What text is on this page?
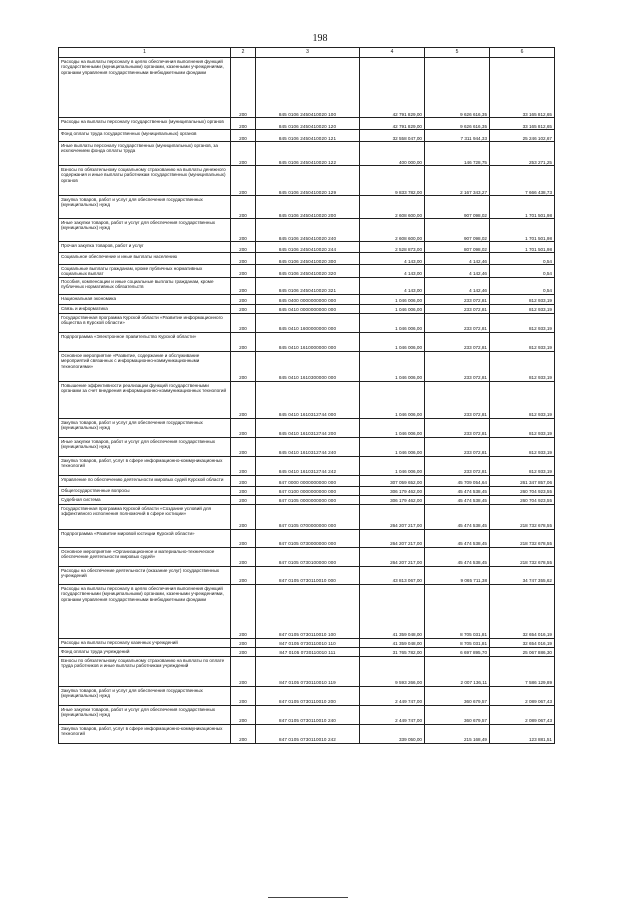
198
1	2	3	4	5	6
Расходы на выплаты персоналу в целях обеспечения выполнения функций государственными (муниципальными) органами, казенными учреждениями, органами управления государственными внебюджетными фондами	200	845 0106 2450410020 100	42 791 829,00	9 626 616,35	33 165 812,65
Расходы на выплаты персоналу государственных (муниципальных) органов	200	845 0106 2450410020 120	42 791 829,00	9 626 616,35	33 165 812,65
Фонд оплаты труда государственных (муниципальных) органов	200	845 0106 2450410020 121	32 558 047,00	7 311 944,33	25 246 102,67
Иные выплаты персоналу государственных (муниципальных) органов, за исключением фонда оплаты труда	200	845 0106 2450410020 122	400 000,00	146 728,75	253 271,25
Взносы по обязательному социальному страхованию на выплаты денежного содержания и иные выплаты работникам государственных (муниципальных) органов	200	845 0106 2450410020 129	9 833 782,00	2 167 343,27	7 666 438,73
Закупка товаров, работ и услуг для обеспечения государственных (муниципальных) нужд	200	845 0106 2450410020 200	2 608 600,00	907 098,02	1 701 501,98
Иные закупки товаров, работ и услуг для обеспечения государственных (муниципальных) нужд	200	845 0106 2450410020 240	2 608 600,00	907 098,02	1 701 501,98
Прочая закупка товаров, работ и услуг	200	845 0106 2450410020 244	2 528 873,00	807 098,02	1 701 501,98
Социальное обеспечение и иные выплаты населению	200	845 0106 2450410020 300	4 143,00	4 142,46	0,54
Социальные выплаты гражданам, кроме публичных нормативных социальных выплат	200	845 0106 2450410020 320	4 143,00	4 142,46	0,54
Пособия, компенсации и иные социальные выплаты гражданам, кроме публичных нормативных обязательств	200	845 0106 2450410020 321	4 143,00	4 142,46	0,54
Национальная экономика	200	845 0400 0000000000 000	1 046 006,00	233 072,81	812 933,19
Связь и информатика	200	845 0410 0000000000 000	1 046 006,00	233 072,81	812 933,19
Государственная программа Курской области «Развитие информационного общества в Курской области»	200	845 0410 1600000000 000	1 046 006,00	233 072,81	812 933,19
Подпрограмма «Электронное правительство Курской области»	200	845 0410 1610000000 000	1 046 006,00	233 072,81	812 933,19
Основное мероприятие «Развитие, содержание и обслуживание мероприятий связанных с информационно-коммуникационными технологиями»	200	845 0410 1610300000 000	1 046 006,00	233 072,81	812 933,19
Повышение эффективности реализации функций государственными органами за счет внедрения информационно-коммуникационных технологий	200	845 0410 1610312744 000	1 046 006,00	233 072,81	812 933,19
Закупка товаров, работ и услуг для обеспечения государственных (муниципальных) нужд	200	845 0410 1610312744 200	1 046 006,00	233 072,81	812 933,19
Иные закупки товаров, работ и услуг для обеспечения государственных (муниципальных) нужд	200	845 0410 1610312744 240	1 046 006,00	233 072,81	812 933,19
Закупка товаров, работ, услуг в сфере информационно-коммуникационных технологий	200	845 0410 1610312744 242	1 046 006,00	233 072,81	812 933,19
Управление по обеспечению деятельности мировых судей Курской области	200	847 0000 0000000000 000	307 059 652,00	45 709 054,64	261 347 857,06
Общегосударственные вопросы	200	847 0100 0000000000 000	306 179 462,00	45 474 538,45	260 704 923,55
Судебная система	200	847 0105 0000000000 000	306 179 462,00	45 474 538,45	260 704 923,55
Государственная программа Курской области «Создание условий для эффективного исполнения полномочий в сфере юстиции»	200	847 0105 0700000000 000	264 207 217,00	45 474 538,45	218 732 678,55
Подпрограмма «Развитие мировой юстиции Курской области»	200	847 0105 0730000000 000	264 207 217,00	45 474 538,45	218 732 678,55
Основное мероприятие «Организационное и материально-техническое обеспечение деятельности мировых судей»	200	847 0105 0730100000 000	264 207 217,00	45 474 538,45	218 732 678,55
Расходы на обеспечение деятельности (оказание услуг) государственных учреждений	200	847 0105 0730110010 000	43 813 067,00	9 065 711,38	34 747 355,62
Расходы на выплаты персоналу в целях обеспечения выполнения функций государственными (муниципальными) органами, казенными учреждениями, органами управления государственными внебюджетными фондами	200	847 0105 0730110010 100	41 359 048,00	8 705 031,81	32 654 016,19
Расходы на выплаты персоналу казенных учреждений	200	847 0105 0730110010 110	41 359 048,00	8 705 031,81	32 654 016,19
Фонд оплаты труда учреждений	200	847 0105 0730110010 111	31 765 782,00	6 697 895,70	25 067 886,30
Взносы по обязательному социальному страхованию на выплаты по оплате труда работников и иные выплаты работникам учреждений	200	847 0105 0730110010 119	9 593 266,00	2 007 136,11	7 586 129,89
Закупка товаров, работ и услуг для обеспечения государственных (муниципальных) нужд	200	847 0105 0730110010 200	2 449 747,00	360 679,57	2 089 067,43
Иные закупки товаров, работ и услуг для обеспечения государственных (муниципальных) нужд	200	847 0105 0730110010 240	2 449 747,00	360 679,57	2 089 067,43
Закупка товаров, работ, услуг в сфере информационно-коммуникационных технологий	200	847 0105 0730110010 242	339 050,00	215 168,49	123 881,51
